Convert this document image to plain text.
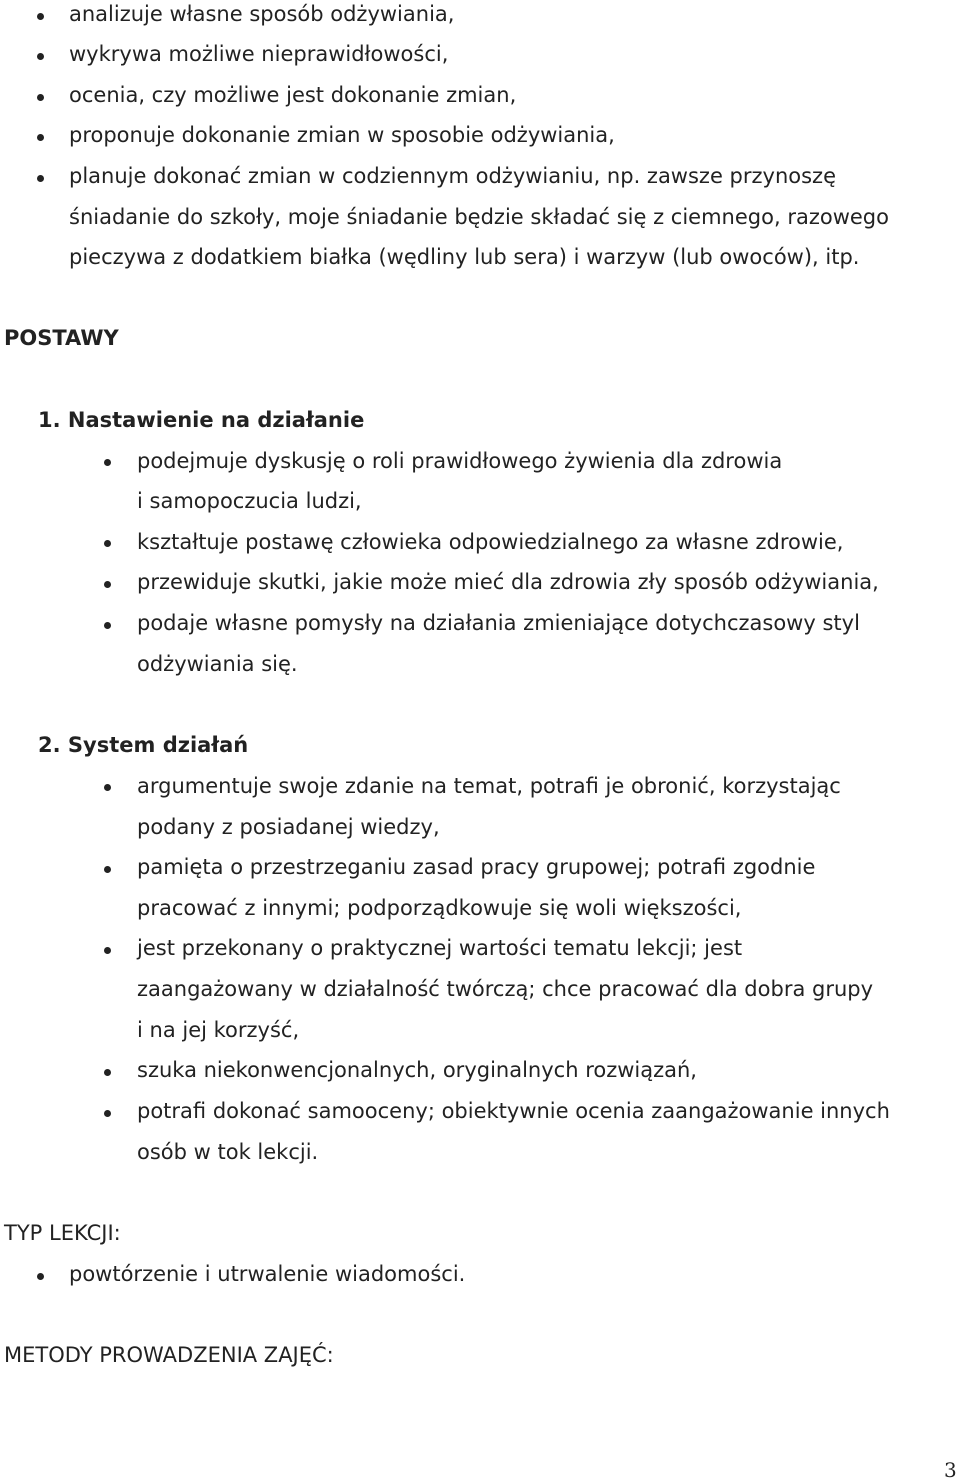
analizuje własne sposób odżywiania,
wykrywa możliwe nieprawidłowości,
ocenia, czy możliwe jest dokonanie zmian,
proponuje dokonanie zmian w sposobie odżywiania,
planuje dokonać zmian w codziennym odżywianiu, np. zawsze przynoszę
śniadanie do szkoły, moje śniadanie będzie składać się z ciemnego, razowego
pieczywa z dodatkiem białka (wędliny lub sera) i warzyw (lub owoców), itp.
POSTAWY
1. Nastawienie na działanie
podejmuje dyskusję o roli prawidłowego żywienia dla zdrowia
i samopoczucia ludzi,
kształtuje postawę człowieka odpowiedzialnego za własne zdrowie,
przewiduje skutki, jakie może mieć dla zdrowia zły sposób odżywiania,
podaje własne pomysły na działania zmieniające dotychczasowy styl
odżywiania się.
2. System działań
argumentuje swoje zdanie na temat, potrafi je obronić, korzystając
podany z posiadanej wiedzy,
pamięta o przestrzeganiu zasad pracy grupowej; potrafi zgodnie
pracować z innymi; podporządkowuje się woli większości,
jest przekonany o praktycznej wartości tematu lekcji; jest
zaangażowany w działalność twórczą; chce pracować dla dobra grupy
i na jej korzyść,
szuka niekonwencjonalnych, oryginalnych rozwiązań,
potrafi dokonać samooceny; obiektywnie ocenia zaangażowanie innych
osób w tok lekcji.
TYP LEKCJI:
powtórzenie i utrwalenie wiadomości.
METODY PROWADZENIA ZAJĘĆ:
3
